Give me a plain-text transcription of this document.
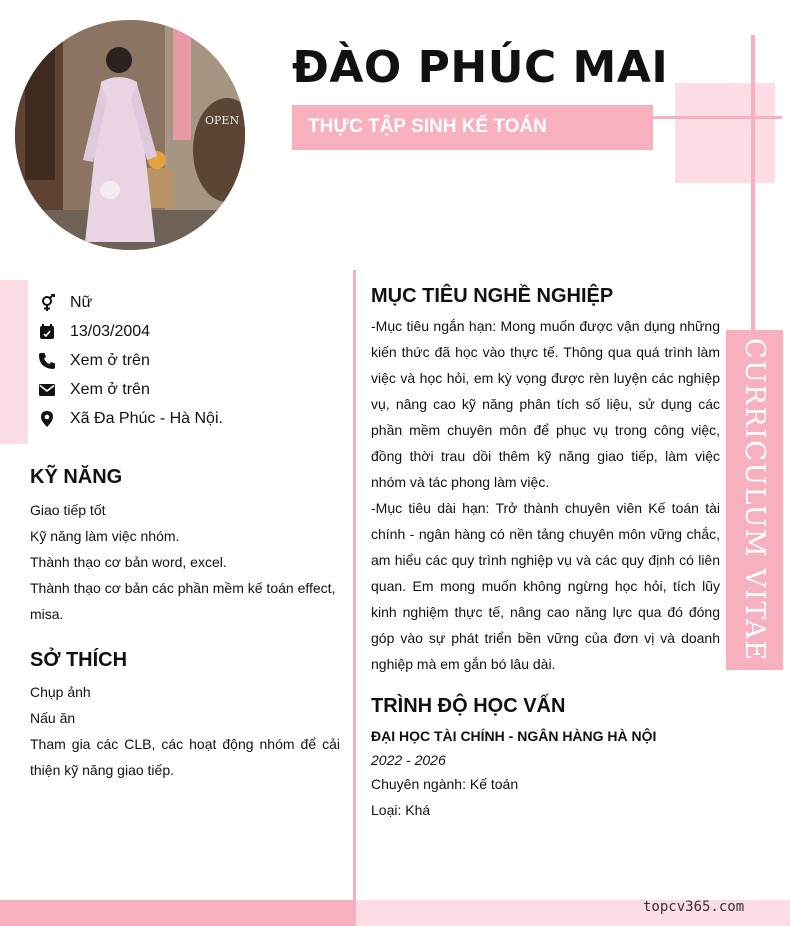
OPEN
ĐÀO PHÚC MAI
THỰC TẬP SINH KẾ TOÁN
CURRICULUM VITAE
Nữ
13/03/2004
Xem ở trên
Xem ở trên
Xã Đa Phúc - Hà Nội.
KỸ NĂNG
Giao tiếp tốt
Kỹ năng làm việc nhóm.
Thành thạo cơ bản word, excel.
Thành thạo cơ bản các phần mềm kế toán effect, misa.
SỞ THÍCH
Chụp ảnh
Nấu ăn
Tham gia các CLB, các hoạt động nhóm để cải thiện kỹ năng giao tiếp.
MỤC TIÊU NGHỀ NGHIỆP
-Mục tiêu ngắn hạn: Mong muốn được vận dụng những kiến thức đã học vào thực tế. Thông qua quá trình làm việc và học hỏi, em kỳ vọng được rèn luyện các nghiệp vụ, nâng cao kỹ năng phân tích số liệu, sử dụng các phần mềm chuyên môn để phục vụ trong công việc, đồng thời trau dồi thêm kỹ năng giao tiếp, làm việc nhóm và tác phong làm việc.
-Mục tiêu dài hạn: Trở thành chuyên viên Kế toán tài chính - ngân hàng có nền tảng chuyên môn vững chắc, am hiểu các quy trình nghiệp vụ và các quy định có liên quan. Em mong muốn không ngừng học hỏi, tích lũy kinh nghiệm thực tế, nâng cao năng lực qua đó đóng góp vào sự phát triển bền vững của đơn vị và doanh nghiệp mà em gắn bó lâu dài.
TRÌNH ĐỘ HỌC VẤN
ĐẠI HỌC TÀI CHÍNH - NGÂN HÀNG HÀ NỘI
2022 - 2026
Chuyên ngành: Kế toán
Loại: Khá
topcv365.com
